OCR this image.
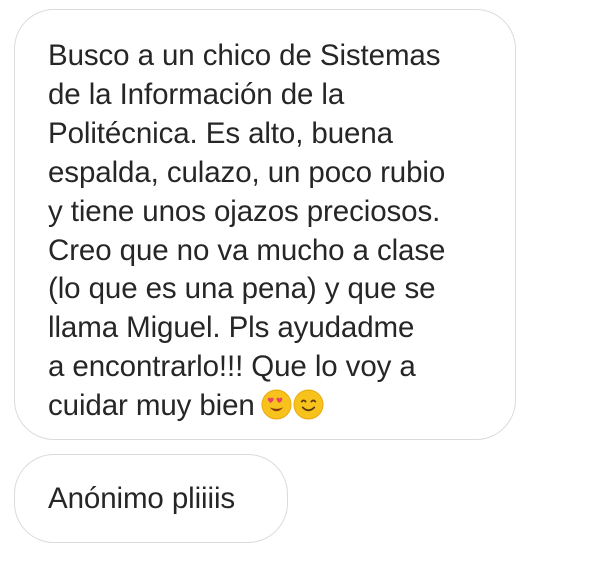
Busco a un chico de Sistemas
de la Información de la
Politécnica. Es alto, buena
espalda, culazo, un poco rubio
y tiene unos ojazos preciosos.
Creo que no va mucho a clase
(lo que es una pena) y que se
llama Miguel. Pls ayudadme
a encontrarlo!!! Que lo voy a
cuidar muy bien
Anónimo pliiiis
